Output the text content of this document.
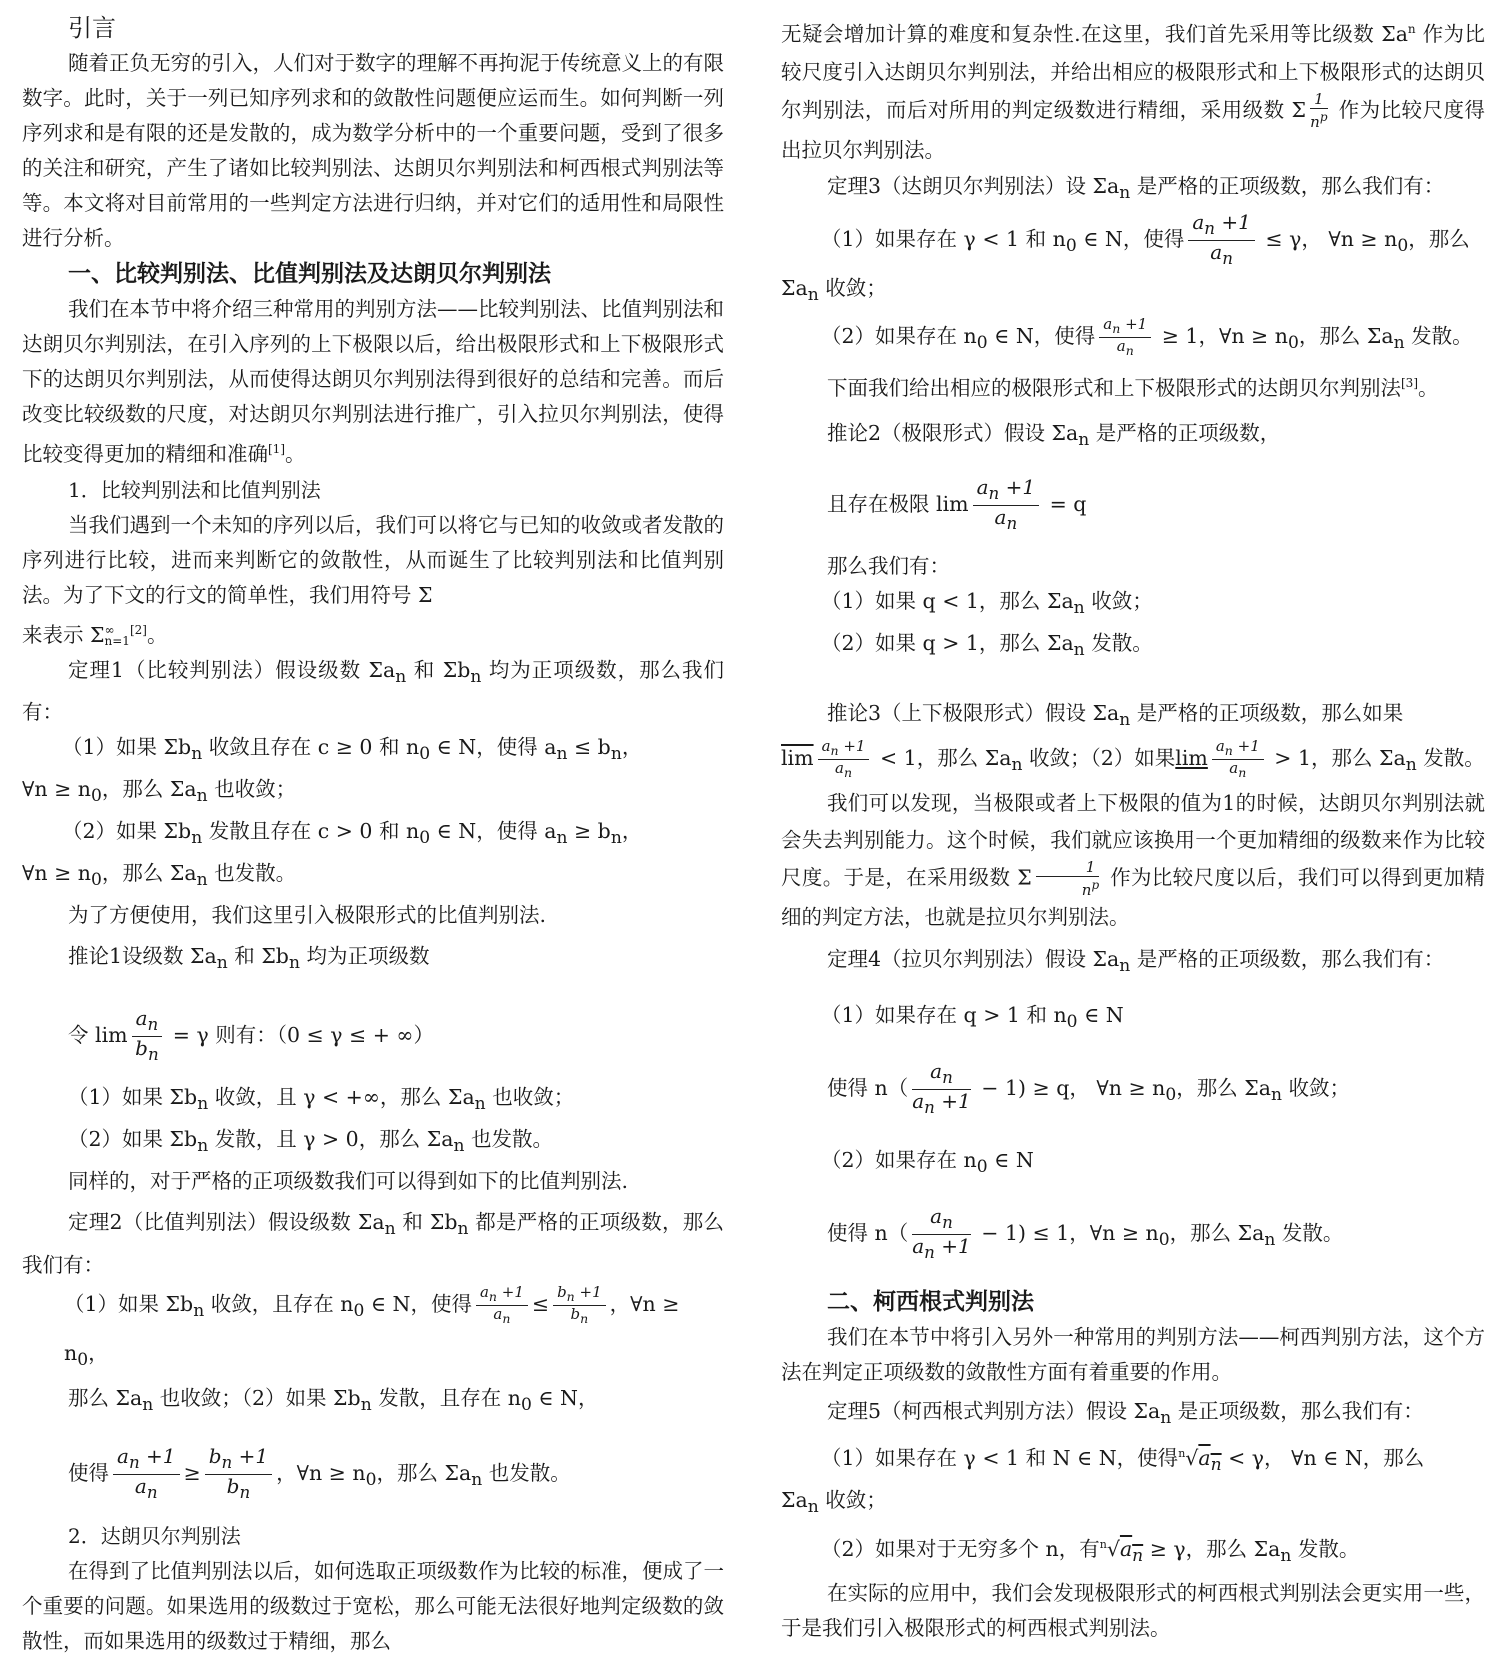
引言

随着正负无穷的引入，人们对于数字的理解不再拘泥于传统意义上的有限数字。此时，关于一列已知序列求和的敛散性问题便应运而生。如何判断一列序列求和是有限的还是发散的，成为数学分析中的一个重要问题，受到了很多的关注和研究，产生了诸如比较判别法、达朗贝尔判别法和柯西根式判别法等等。本文将对目前常用的一些判定方法进行归纳，并对它们的适用性和局限性进行分析。

一、比较判别法、比值判别法及达朗贝尔判别法

我们在本节中将介绍三种常用的判别方法——比较判别法、比值判别法和达朗贝尔判别法，在引入序列的上下极限以后，给出极限形式和上下极限形式下的达朗贝尔判别法，从而使得达朗贝尔判别法得到很好的总结和完善。而后改变比较级数的尺度，对达朗贝尔判别法进行推广，引入拉贝尔判别法，使得比较变得更加的精细和准确[1]。

1．比较判别法和比值判别法

当我们遇到一个未知的序列以后，我们可以将它与已知的收敛或者发散的序列进行比较，进而来判断它的敛散性，从而诞生了比较判别法和比值判别法。为了下文的行文的简单性，我们用符号 Σ

来表示 Σ ∞
n=1
[2]。

定理1（比较判别法）假设级数 $\Sigma a_n$ 和 $\Sigma b_n$ 均为正项级数，那么我们有：

（1）如果 $\Sigma b_n$ 收敛且存在 c ≥ 0 和 $n_0$ ∈ N，使得 $a_n \le b_n$，

∀n ≥ $n_0$，那么 $\Sigma a_n$ 也收敛；

（2）如果 $\Sigma b_n$ 发散且存在 c > 0 和 $n_0$ ∈ N，使得 $a_n \ge b_n$，

∀n ≥ $n_0$，那么 $\Sigma a_n$ 也发散。

为了方便使用，我们这里引入极限形式的比值判别法.

推论1设级数 $\Sigma a_n$ 和 $\Sigma b_n$ 均为正项级数

令 $\lim \frac{a_n}{b_n} = \gamma$ 则有：（0 ≤ γ ≤ + ∞）

（1）如果 $\Sigma b_n$ 收敛，且 γ < +∞，那么 $\Sigma a_n$ 也收敛；

（2）如果 $\Sigma b_n$ 发散，且 γ > 0，那么 $\Sigma a_n$ 也发散。

同样的，对于严格的正项级数我们可以得到如下的比值判别法.

定理2（比值判别法）假设级数 $\Sigma a_n$ 和 $\Sigma b_n$ 都是严格的正项级数，那么我们有：

（1）如果 $\Sigma b_n$ 收敛，且存在 $n_0$ ∈ N，使得 $\frac{a_n +1}{a_n} \le \frac{b_n +1}{b_n}$ ，∀n ≥ $n_0$，

那么 $\Sigma a_n$ 也收敛；（2）如果 $\Sigma b_n$ 发散，且存在 $n_0$ ∈ N，

使得 $\frac{a_n +1}{a_n} \ge \frac{b_n +1}{b_n}$ ，∀n ≥ $n_0$，那么 $\Sigma a_n$ 也发散。

2．达朗贝尔判别法

在得到了比值判别法以后，如何选取正项级数作为比较的标准，便成了一个重要的问题。如果选用的级数过于宽松，那么可能无法很好地判定级数的敛散性，而如果选用的级数过于精细，那么

无疑会增加计算的难度和复杂性.在这里，我们首先采用等比级数 $\Sigma a^n$ 作为比较尺度引入达朗贝尔判别法，并给出相应的极限形式和上下极限形式的达朗贝尔判别法，而后对所用的判定级数进行精细，采用级数 Σ $\frac{1}{n^p}$ 作为比较尺度得出拉贝尔判别法。

定理3（达朗贝尔判别法）设 $\Sigma a_n$ 是严格的正项级数，那么我们有：

（1）如果存在 γ < 1 和 $n_0$ ∈ N，使得 $\frac{a_n +1}{a_n} \le \gamma$， ∀n ≥ $n_0$，那么

$\Sigma a_n$ 收敛；

（2）如果存在 $n_0$ ∈ N，使得 $\frac{a_n +1}{a_n} \ge 1$，∀n ≥ $n_0$，那么 $\Sigma a_n$ 发散。

下面我们给出相应的极限形式和上下极限形式的达朗贝尔判别法[3]。

推论2（极限形式）假设 $\Sigma a_n$ 是严格的正项级数，

且存在极限 $\lim \frac{a_n +1}{a_n} = q$

那么我们有：

（1）如果 q < 1，那么 $\Sigma a_n$ 收敛；

（2）如果 q > 1，那么 $\Sigma a_n$ 发散。

推论3（上下极限形式）假设 $\Sigma a_n$ 是严格的正项级数，那么如果

$\overline{lim} \frac{a_n +1}{a_n} < 1$，那么 $\Sigma a_n$ 收敛；（2）如果$\lim \frac{a_n +1}{a_n} > 1$，那么 $\Sigma a_n$ 发散。

我们可以发现，当极限或者上下极限的值为1的时候，达朗贝尔判别法就会失去判别能力。这个时候，我们就应该换用一个更加精细的级数来作为比较尺度。于是，在采用级数 Σ $\frac{1}{n^p}$ 作为比较尺度以后，我们可以得到更加精细的判定方法，也就是拉贝尔判别法。

定理4（拉贝尔判别法）假设 $\Sigma a_n$ 是严格的正项级数，那么我们有：

（1）如果存在 q > 1 和 $n_0$ ∈ N

使得 $n( \frac{a_n}{a_n +1} - 1) \ge q$， ∀n ≥ $n_0$，那么 $\Sigma a_n$ 收敛；

（2）如果存在 $n_0$ ∈ N

使得 $n( \frac{a_n}{a_n +1} - 1) \le 1$，∀n ≥ $n_0$，那么 $\Sigma a_n$ 发散。

二、柯西根式判别法

我们在本节中将引入另外一种常用的判别方法——柯西判别方法，这个方法在判定正项级数的敛散性方面有着重要的作用。

定理5（柯西根式判别方法）假设 $\Sigma a_n$ 是正项级数，那么我们有：

（1）如果存在 γ < 1 和 N ∈ N，使得$^n√a_n < \gamma$， ∀n ∈ N，那么

$\Sigma a_n$ 收敛；

（2）如果对于无穷多个 n，有$^n√a_n \ge \gamma$，那么 $\Sigma a_n$ 发散。

在实际的应用中，我们会发现极限形式的柯西根式判别法会更实用一些，于是我们引入极限形式的柯西根式判别法。
